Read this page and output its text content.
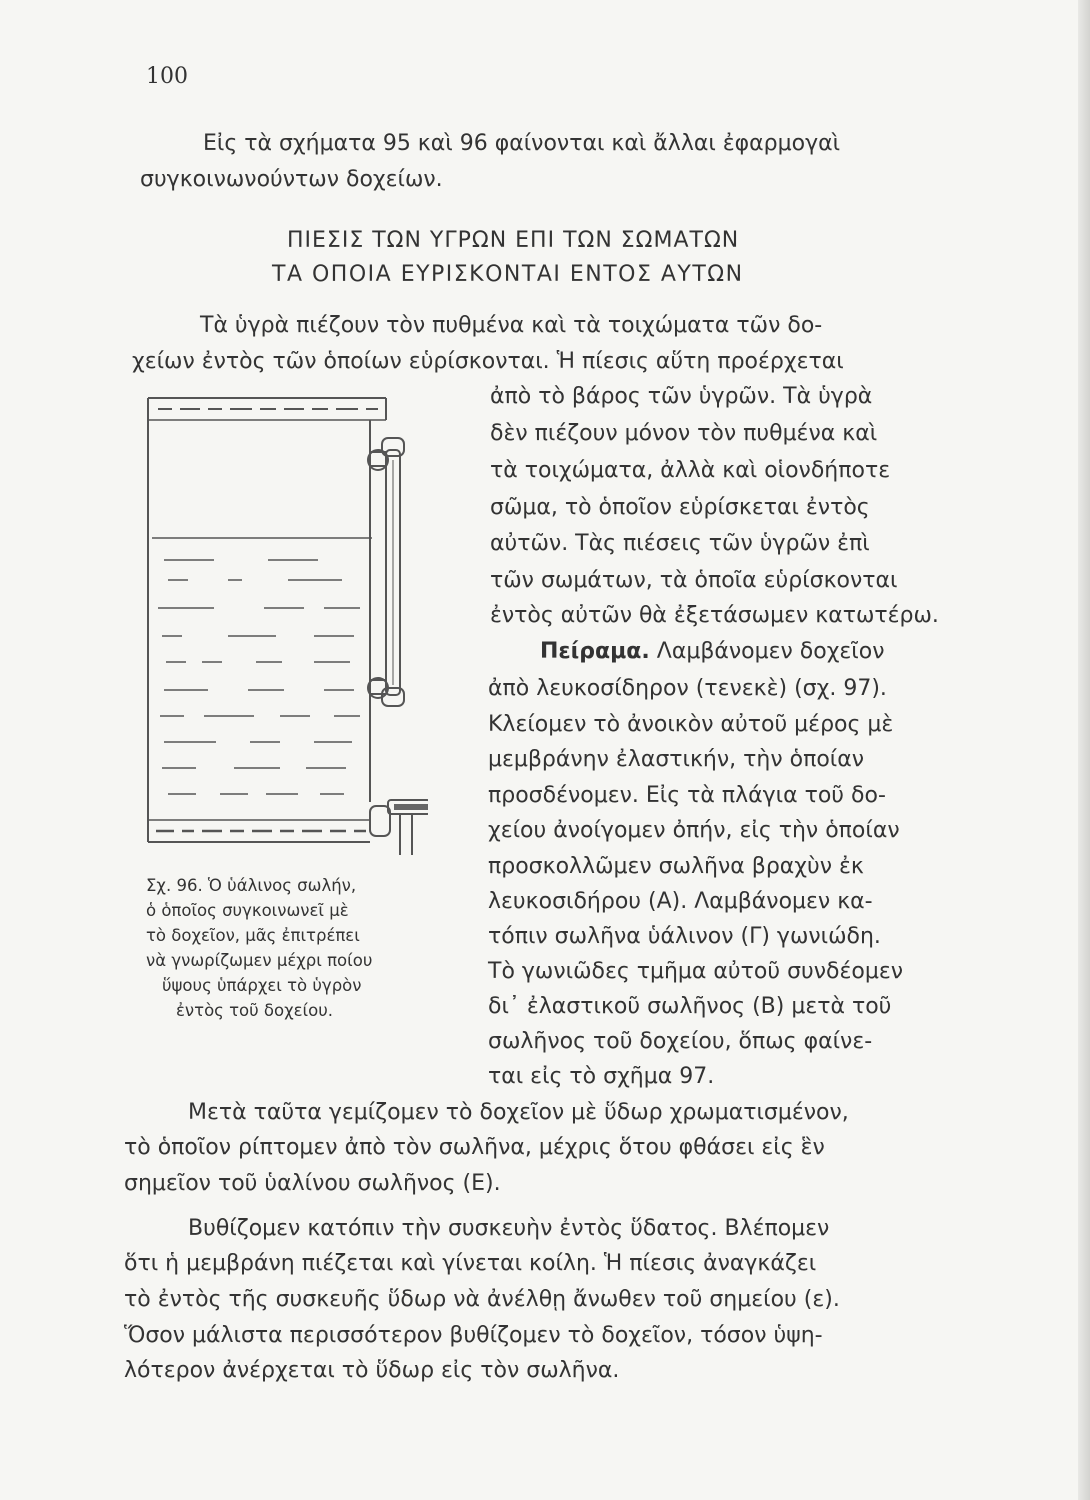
100
Εἰς τὰ σχήματα 95 καὶ 96 φαίνονται καὶ ἄλλαι ἐφαρμογαὶ
συγκοινωνούντων δοχείων.
ΠΙΕΣΙΣ ΤΩΝ ΥΓΡΩΝ ΕΠΙ ΤΩΝ ΣΩΜΑΤΩΝ
ΤΑ ΟΠΟΙΑ ΕΥΡΙΣΚΟΝΤΑΙ ΕΝΤΟΣ ΑΥΤΩΝ
Τὰ ὑγρὰ πιέζουν τὸν πυθμένα καὶ τὰ τοιχώματα τῶν δο-
χείων ἐντὸς τῶν ὁποίων εὑρίσκονται. Ἡ πίεσις αὕτη προέρχεται
ἀπὸ τὸ βάρος τῶν ὑγρῶν. Τὰ ὑγρὰ
δὲν πιέζουν μόνον τὸν πυθμένα καὶ
τὰ τοιχώματα, ἀλλὰ καὶ οἱονδήποτε
σῶμα, τὸ ὁποῖον εὑρίσκεται ἐντὸς
αὐτῶν. Τὰς πιέσεις τῶν ὑγρῶν ἐπὶ
τῶν σωμάτων, τὰ ὁποῖα εὑρίσκονται
ἐντὸς αὐτῶν θὰ ἐξετάσωμεν κατωτέρω.
Πείραμα. Λαμβάνομεν δοχεῖον
ἀπὸ λευκοσίδηρον (τενεκὲ) (σχ. 97).
Κλείομεν τὸ ἀνοικὸν αὐτοῦ μέρος μὲ
μεμβράνην ἐλαστικήν, τὴν ὁποίαν
προσδένομεν. Εἰς τὰ πλάγια τοῦ δο-
χείου ἀνοίγομεν ὀπήν, εἰς τὴν ὁποίαν
προσκολλῶμεν σωλῆνα βραχὺν ἐκ
λευκοσιδήρου (Α). Λαμβάνομεν κα-
τόπιν σωλῆνα ὑάλινον (Γ) γωνιώδη.
Τὸ γωνιῶδες τμῆμα αὐτοῦ συνδέομεν
δι᾿ ἐλαστικοῦ σωλῆνος (Β) μετὰ τοῦ
σωλῆνος τοῦ δοχείου, ὅπως φαίνε-
ται εἰς τὸ σχῆμα 97.
Σχ. 96. Ὁ ὑάλινος σωλήν,
ὁ ὁποῖος συγκοινωνεῖ μὲ
τὸ δοχεῖον, μᾶς ἐπιτρέπει
νὰ γνωρίζωμεν μέχρι ποίου
ὕψους ὑπάρχει τὸ ὑγρὸν
ἐντὸς τοῦ δοχείου.
Μετὰ ταῦτα γεμίζομεν τὸ δοχεῖον μὲ ὕδωρ χρωματισμένον,
τὸ ὁποῖον ρίπτομεν ἀπὸ τὸν σωλῆνα, μέχρις ὅτου φθάσει εἰς ἓν
σημεῖον τοῦ ὑαλίνου σωλῆνος (Ε).
Βυθίζομεν κατόπιν τὴν συσκευὴν ἐντὸς ὕδατος. Βλέπομεν
ὅτι ἡ μεμβράνη πιέζεται καὶ γίνεται κοίλη. Ἡ πίεσις ἀναγκάζει
τὸ ἐντὸς τῆς συσκευῆς ὕδωρ νὰ ἀνέλθῃ ἄνωθεν τοῦ σημείου (ε).
Ὅσον μάλιστα περισσότερον βυθίζομεν τὸ δοχεῖον, τόσον ὑψη-
λότερον ἀνέρχεται τὸ ὕδωρ εἰς τὸν σωλῆνα.
